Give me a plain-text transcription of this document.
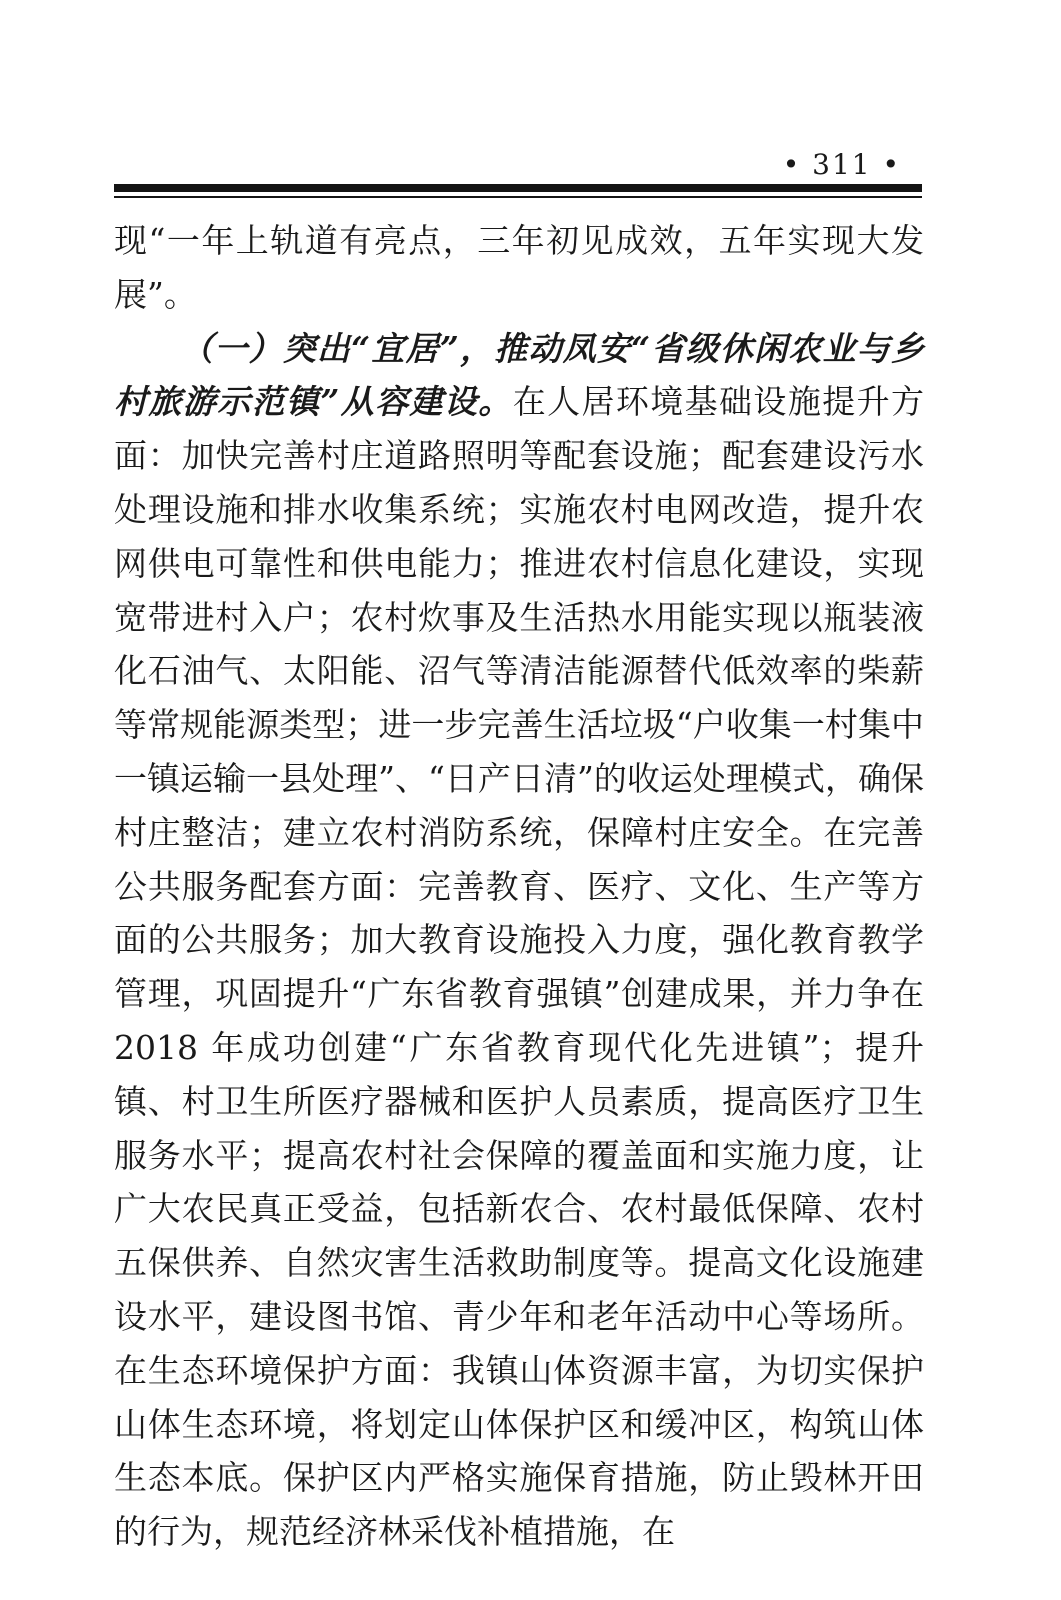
• 311 •

现“一年上轨道有亮点，三年初见成效，五年实现大发展”。

（一）突出“宜居”，推动凤安“省级休闲农业与乡村旅游示范镇”从容建设。在人居环境基础设施提升方面：加快完善村庄道路照明等配套设施；配套建设污水处理设施和排水收集系统；实施农村电网改造，提升农网供电可靠性和供电能力；推进农村信息化建设，实现宽带进村入户；农村炊事及生活热水用能实现以瓶装液化石油气、太阳能、沼气等清洁能源替代低效率的柴薪等常规能源类型；进一步完善生活垃圾“户收集一村集中一镇运输一县处理”、“日产日清”的收运处理模式，确保村庄整洁；建立农村消防系统，保障村庄安全。在完善公共服务配套方面：完善教育、医疗、文化、生产等方面的公共服务；加大教育设施投入力度，强化教育教学管理，巩固提升“广东省教育强镇”创建成果，并力争在 2018 年成功创建“广东省教育现代化先进镇”；提升镇、村卫生所医疗器械和医护人员素质，提高医疗卫生服务水平；提高农村社会保障的覆盖面和实施力度，让广大农民真正受益，包括新农合、农村最低保障、农村五保供养、自然灾害生活救助制度等。提高文化设施建设水平，建设图书馆、青少年和老年活动中心等场所。在生态环境保护方面：我镇山体资源丰富，为切实保护山体生态环境，将划定山体保护区和缓冲区，构筑山体生态本底。保护区内严格实施保育措施，防止毁林开田的行为，规范经济林采伐补植措施，在
